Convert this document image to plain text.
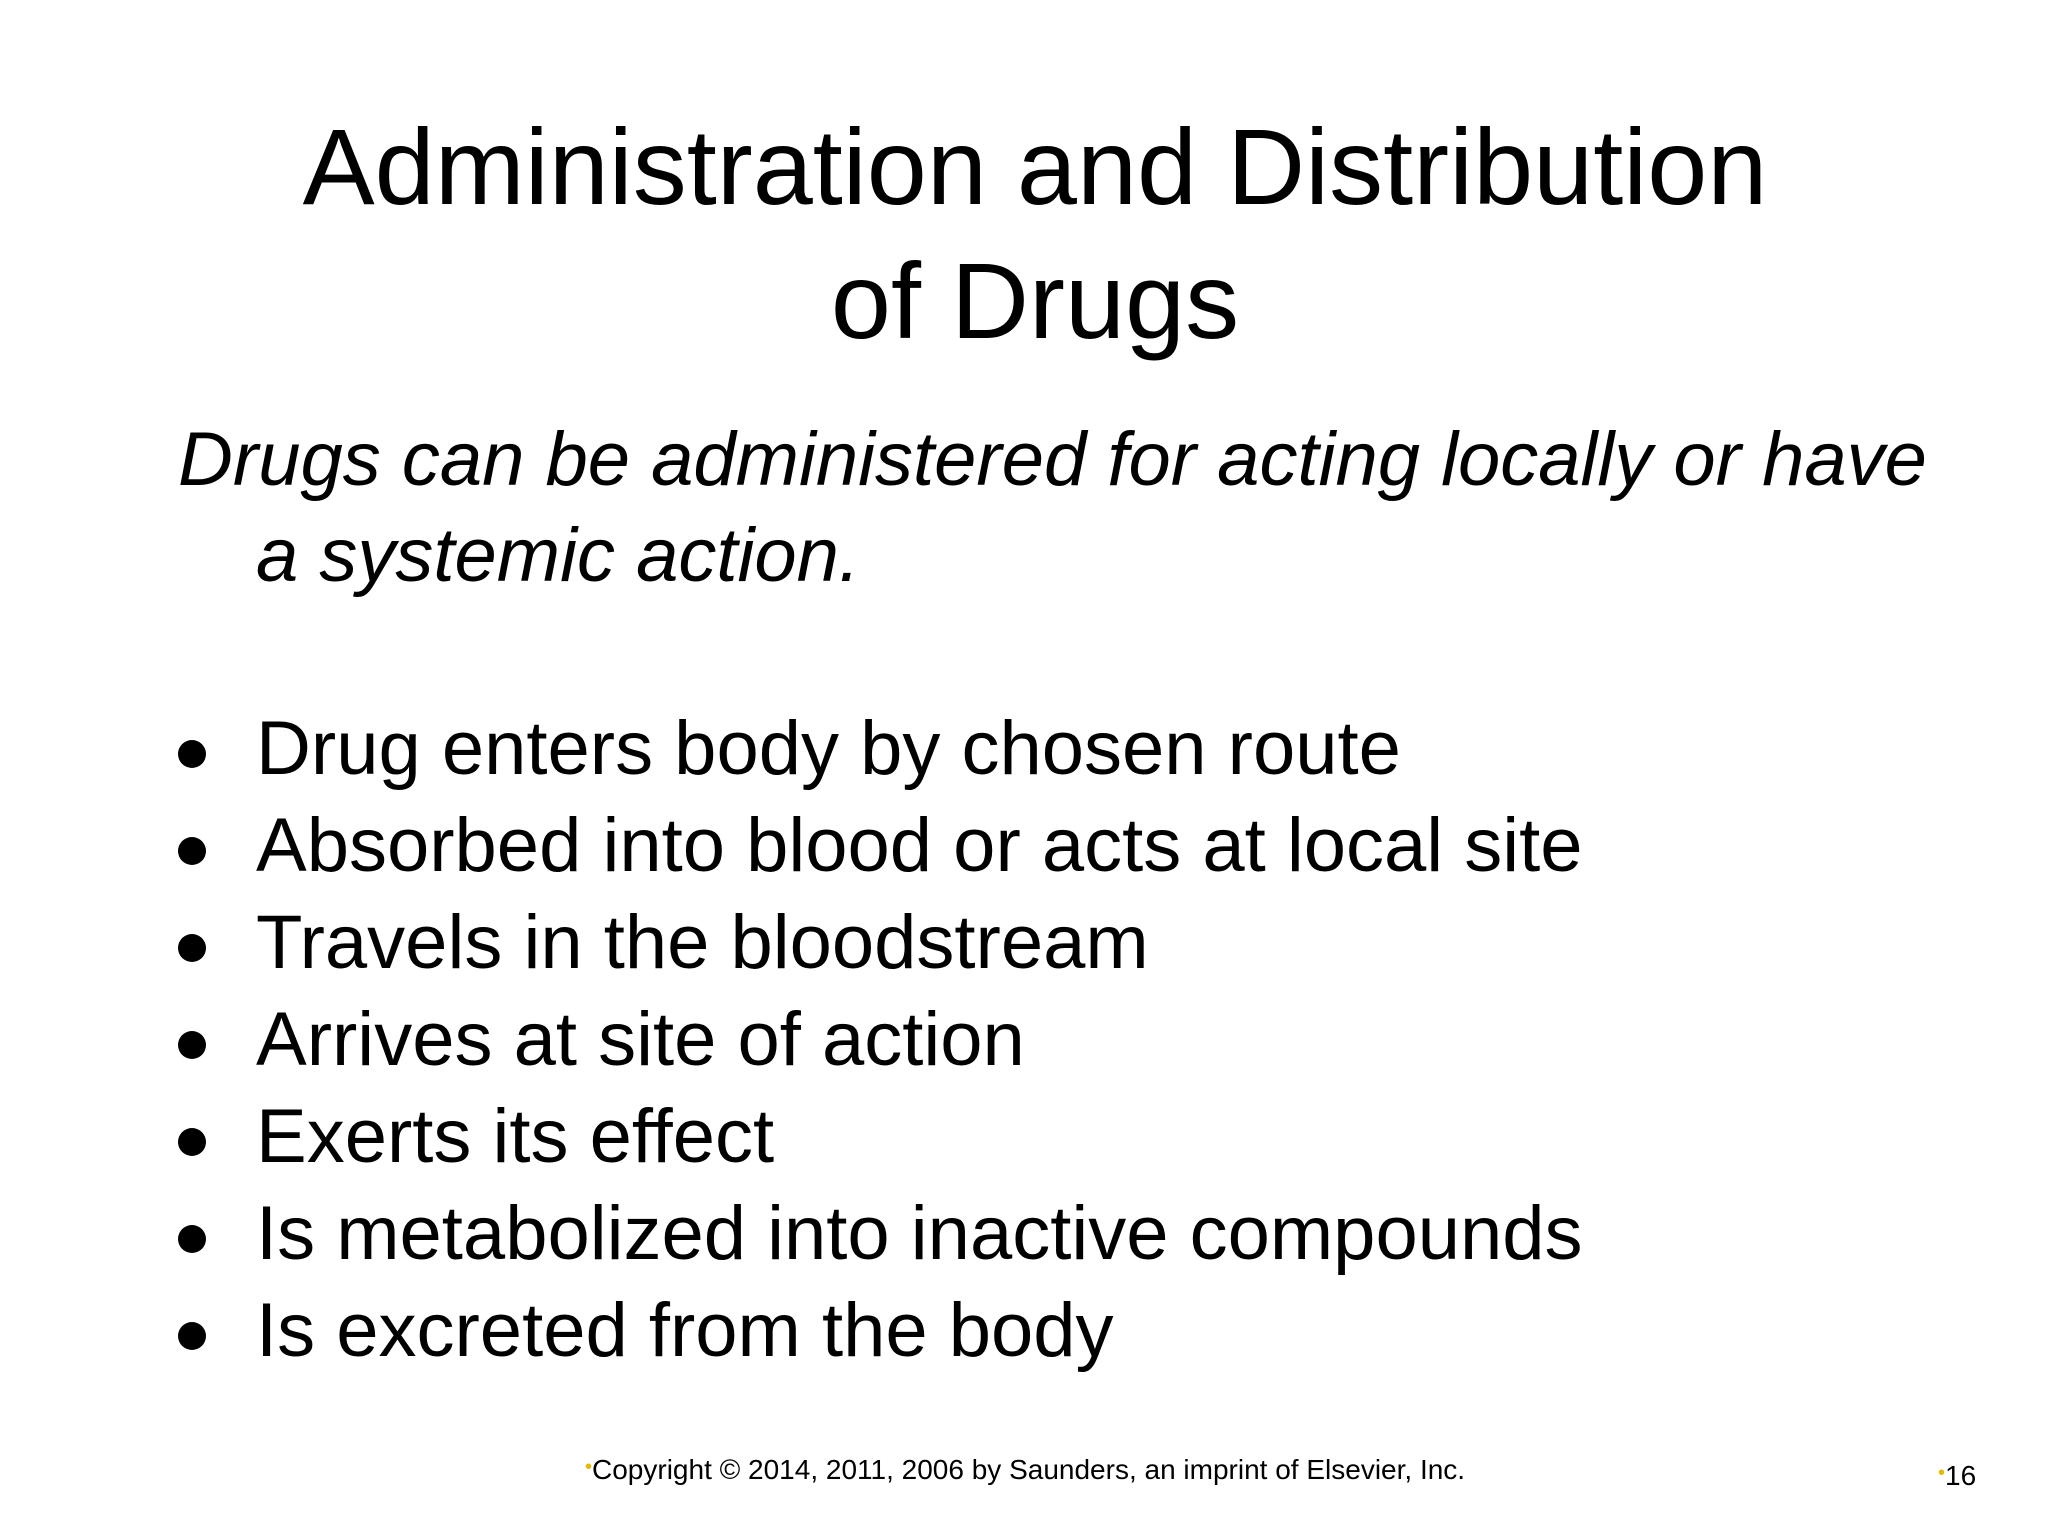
Administration and Distribution
of Drugs

Drugs can be administered for acting locally or have a systemic action.

Drug enters body by chosen route
Absorbed into blood or acts at local site
Travels in the bloodstream
Arrives at site of action
Exerts its effect
Is metabolized into inactive compounds
Is excreted from the body
•Copyright © 2014, 2011, 2006 by Saunders, an imprint of Elsevier, Inc.	•16
